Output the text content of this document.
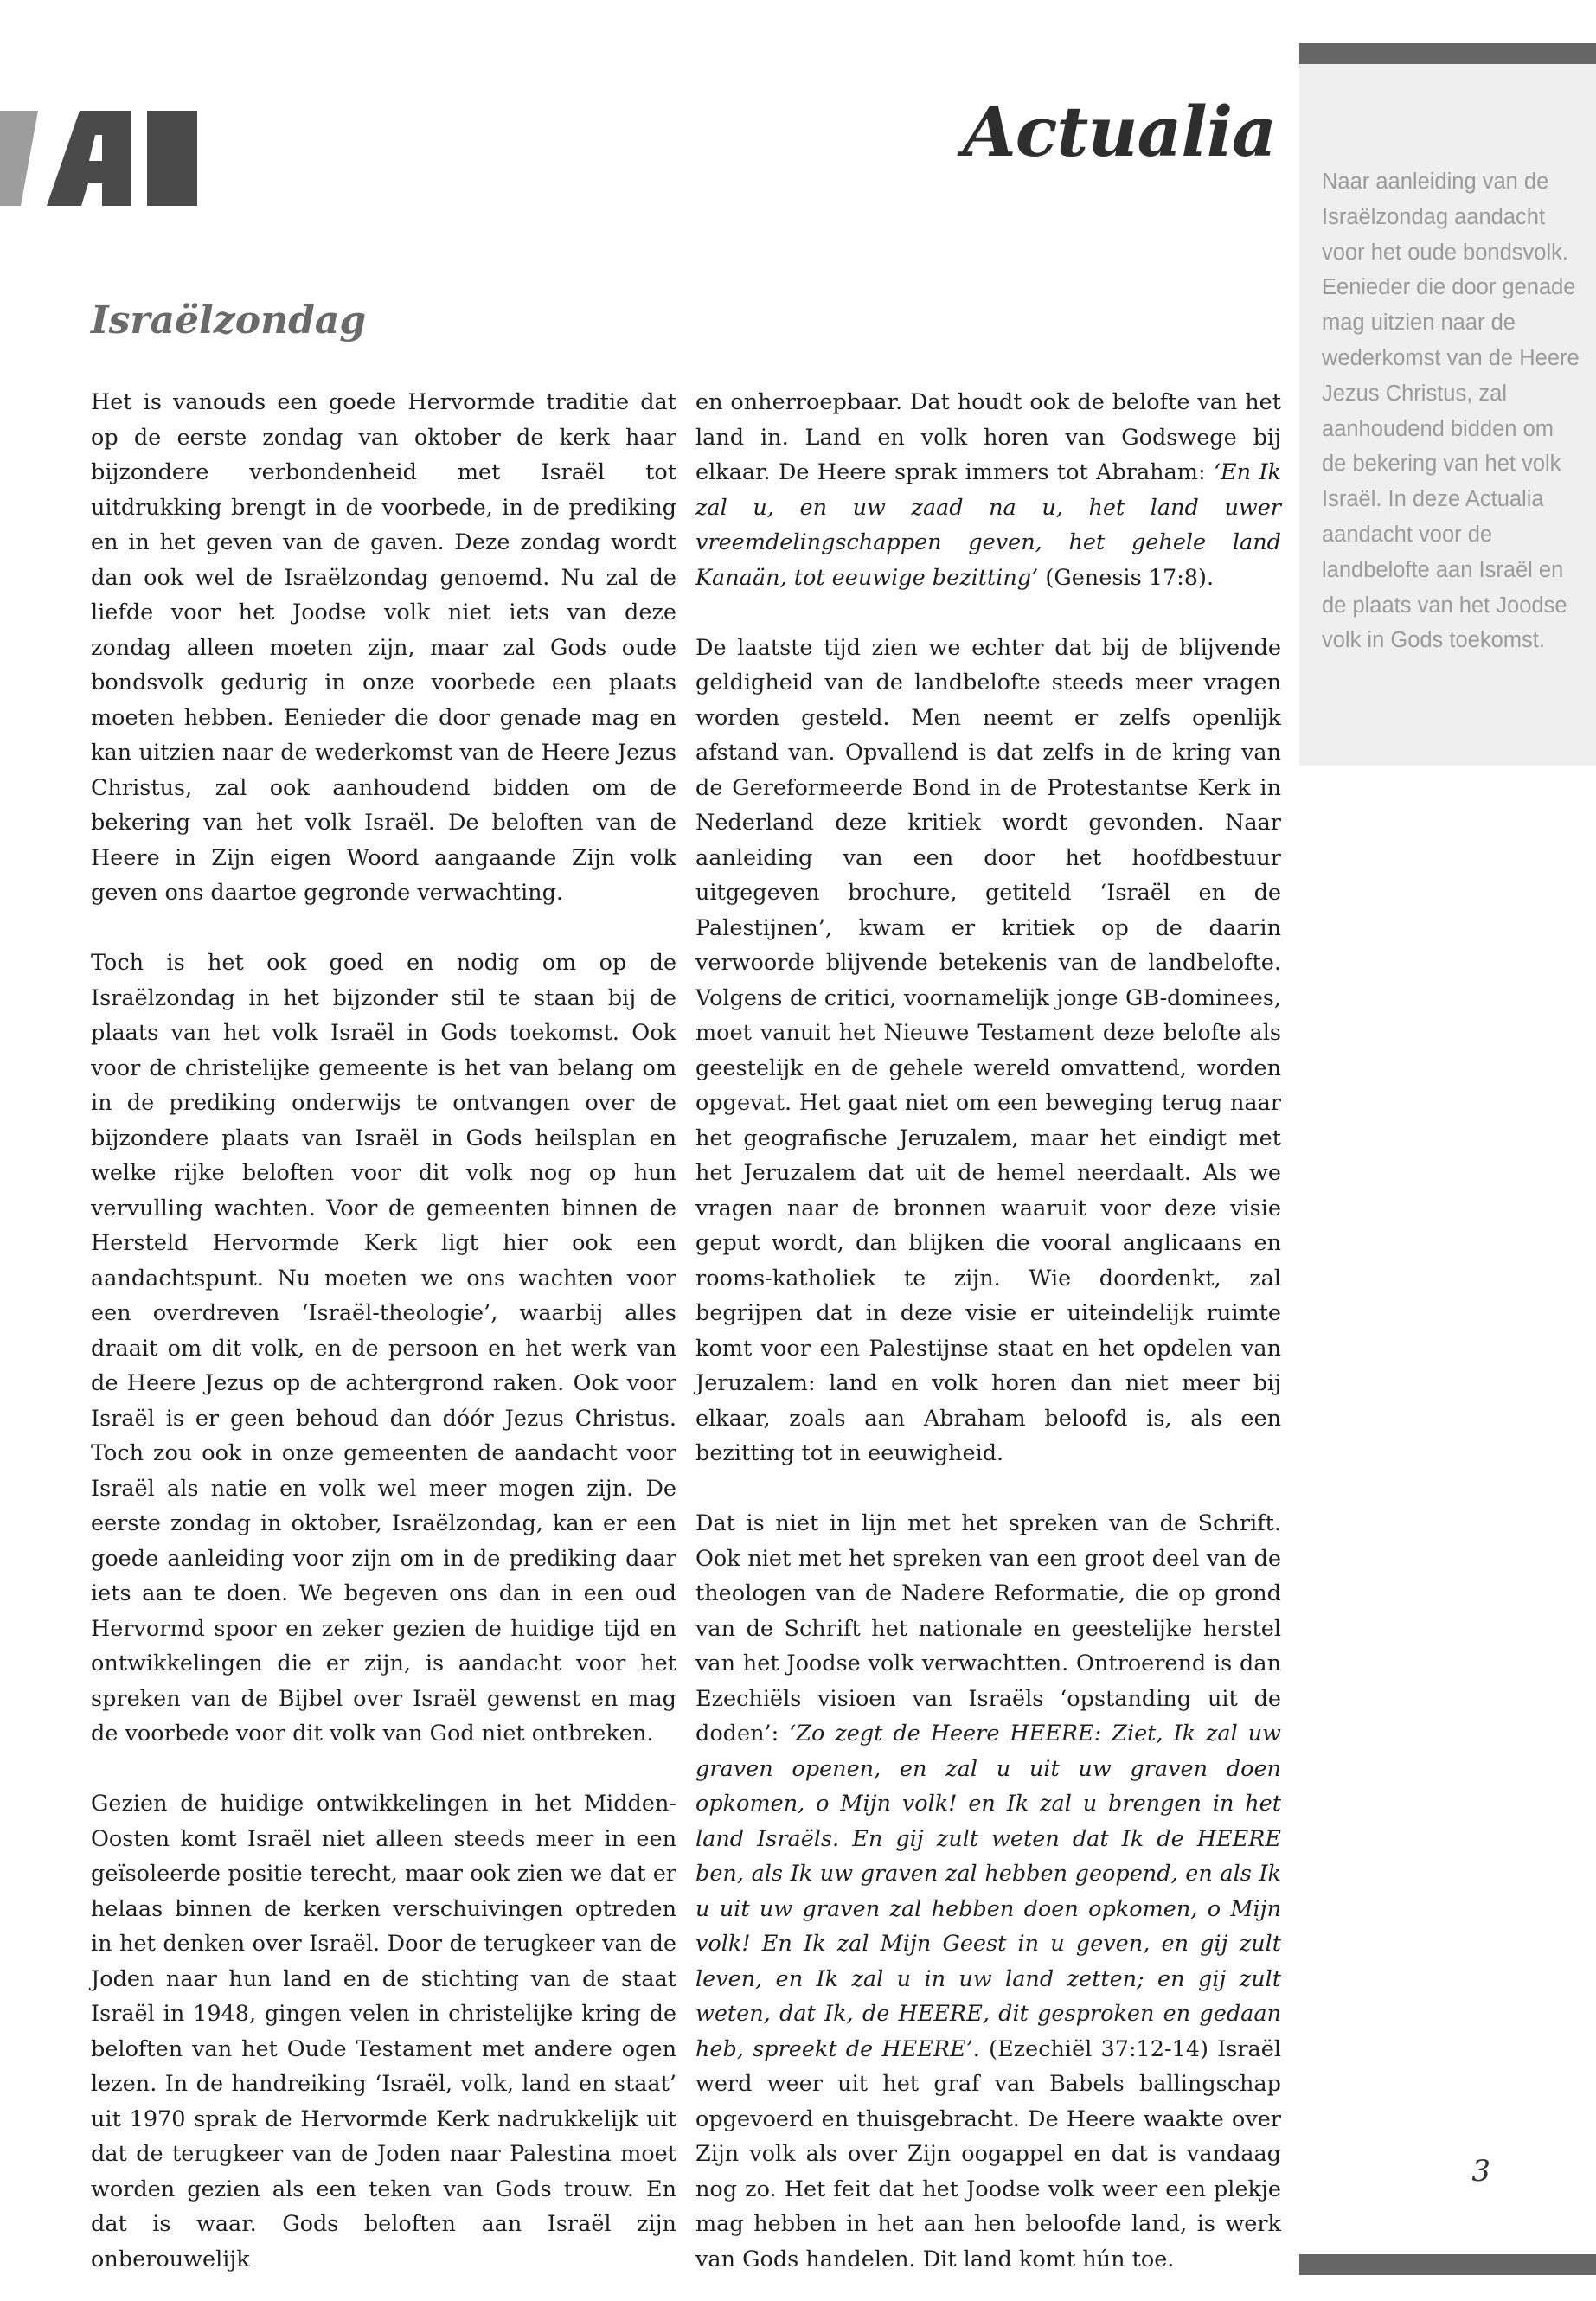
Actualia
Israëlzondag

Het is vanouds een goede Hervormde traditie dat op de eerste zondag van oktober de kerk haar bijzondere verbondenheid met Israël tot uitdrukking brengt in de voorbede, in de prediking en in het geven van de gaven. Deze zondag wordt dan ook wel de Israëlzondag genoemd. Nu zal de liefde voor het Joodse volk niet iets van deze zondag alleen moeten zijn, maar zal Gods oude bondsvolk gedurig in onze voorbede een plaats moeten hebben. Eenieder die door genade mag en kan uitzien naar de wederkomst van de Heere Jezus Christus, zal ook aanhoudend bidden om de bekering van het volk Israël. De beloften van de Heere in Zijn eigen Woord aangaande Zijn volk geven ons daartoe gegronde verwachting.

Toch is het ook goed en nodig om op de Israëlzondag in het bijzonder stil te staan bij de plaats van het volk Israël in Gods toekomst. Ook voor de christelijke gemeente is het van belang om in de prediking onderwijs te ontvangen over de bijzondere plaats van Israël in Gods heilsplan en welke rijke beloften voor dit volk nog op hun vervulling wachten. Voor de gemeenten binnen de Hersteld Hervormde Kerk ligt hier ook een aandachtspunt. Nu moeten we ons wachten voor een overdreven ‘Israël-theologie’, waarbij alles draait om dit volk, en de persoon en het werk van de Heere Jezus op de achtergrond raken. Ook voor Israël is er geen behoud dan dóór Jezus Christus. Toch zou ook in onze gemeenten de aandacht voor Israël als natie en volk wel meer mogen zijn. De eerste zondag in oktober, Israëlzondag, kan er een goede aanleiding voor zijn om in de prediking daar iets aan te doen. We begeven ons dan in een oud Hervormd spoor en zeker gezien de huidige tijd en ontwikkelingen die er zijn, is aandacht voor het spreken van de Bijbel over Israël gewenst en mag de voorbede voor dit volk van God niet ontbreken.

Gezien de huidige ontwikkelingen in het Midden-Oosten komt Israël niet alleen steeds meer in een geïsoleerde positie terecht, maar ook zien we dat er helaas binnen de kerken verschuivingen optreden in het denken over Israël. Door de terugkeer van de Joden naar hun land en de stichting van de staat Israël in 1948, gingen velen in christelijke kring de beloften van het Oude Testament met andere ogen lezen. In de handreiking ‘Israël, volk, land en staat’ uit 1970 sprak de Hervormde Kerk nadrukkelijk uit dat de terugkeer van de Joden naar Palestina moet worden gezien als een teken van Gods trouw. En dat is waar. Gods beloften aan Israël zijn onberouwelijk

en onherroepbaar. Dat houdt ook de belofte van het land in. Land en volk horen van Godswege bij elkaar. De Heere sprak immers tot Abraham: ‘En Ik zal u, en uw zaad na u, het land uwer vreemdelingschappen geven, het gehele land Kanaän, tot eeuwige bezitting’ (Genesis 17:8).

De laatste tijd zien we echter dat bij de blijvende geldigheid van de landbelofte steeds meer vragen worden gesteld. Men neemt er zelfs openlijk afstand van. Opvallend is dat zelfs in de kring van de Gereformeerde Bond in de Protestantse Kerk in Nederland deze kritiek wordt gevonden. Naar aanleiding van een door het hoofdbestuur uitgegeven brochure, getiteld ‘Israël en de Palestijnen’, kwam er kritiek op de daarin verwoorde blijvende betekenis van de landbelofte. Volgens de critici, voornamelijk jonge GB-dominees, moet vanuit het Nieuwe Testament deze belofte als geestelijk en de gehele wereld omvattend, worden opgevat. Het gaat niet om een beweging terug naar het geografische Jeruzalem, maar het eindigt met het Jeruzalem dat uit de hemel neerdaalt. Als we vragen naar de bronnen waaruit voor deze visie geput wordt, dan blijken die vooral anglicaans en rooms-katholiek te zijn. Wie doordenkt, zal begrijpen dat in deze visie er uiteindelijk ruimte komt voor een Palestijnse staat en het opdelen van Jeruzalem: land en volk horen dan niet meer bij elkaar, zoals aan Abraham beloofd is, als een bezitting tot in eeuwigheid.

Dat is niet in lijn met het spreken van de Schrift. Ook niet met het spreken van een groot deel van de theologen van de Nadere Reformatie, die op grond van de Schrift het nationale en geestelijke herstel van het Joodse volk verwachtten. Ontroerend is dan Ezechiëls visioen van Israëls ‘opstanding uit de doden’: ‘Zo zegt de Heere HEERE: Ziet, Ik zal uw graven openen, en zal u uit uw graven doen opkomen, o Mijn volk! en Ik zal u brengen in het land Israëls. En gij zult weten dat Ik de HEERE ben, als Ik uw graven zal hebben geopend, en als Ik u uit uw graven zal hebben doen opkomen, o Mijn volk! En Ik zal Mijn Geest in u geven, en gij zult leven, en Ik zal u in uw land zetten; en gij zult weten, dat Ik, de HEERE, dit gesproken en gedaan heb, spreekt de HEERE’. (Ezechiël 37:12-14) Israël werd weer uit het graf van Babels ballingschap opgevoerd en thuisgebracht. De Heere waakte over Zijn volk als over Zijn oogappel en dat is vandaag nog zo. Het feit dat het Joodse volk weer een plekje mag hebben in het aan hen beloofde land, is werk van Gods handelen. Dit land komt hún toe.

Naar aanleiding van de Israëlzondag aandacht voor het oude bondsvolk. Eenieder die door genade mag uitzien naar de wederkomst van de Heere Jezus Christus, zal aanhoudend bidden om de bekering van het volk Israël. In deze Actualia aandacht voor de landbelofte aan Israël en de plaats van het Joodse volk in Gods toekomst.

3
